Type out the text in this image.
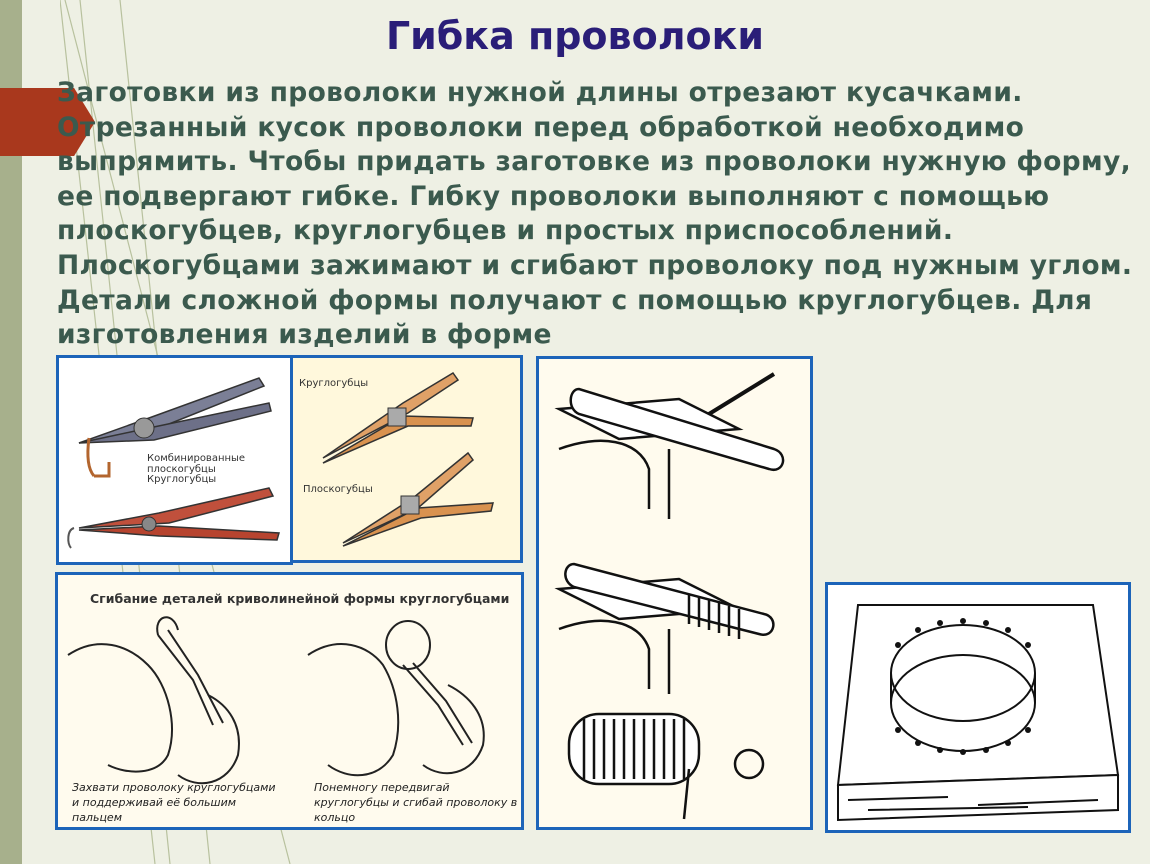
Гибка проволоки
Заготовки из проволоки нужной длины отрезают кусачками. Отрезанный кусок проволоки перед обработкой необходимо выпрямить. Чтобы придать заготовке из проволоки нужную форму, ее подвергают гибке. Гибку проволоки выполняют с помощью плоскогубцев, круглогубцев и простых приспособлений. Плоскогубцами зажимают и сгибают проволоку под нужным углом. Детали сложной формы получают с помощью круглогубцев. Для изготовления изделий в форме
Комбинированные плоскогубцы
Круглогубцы
Круглогубцы
Плоскогубцы
Сгибание деталей криволинейной формы круглогубцами
Захвати проволоку круглогубцами и поддерживай её большим пальцем
Понемногу передвигай круглогубцы и сгибай проволоку в кольцо
